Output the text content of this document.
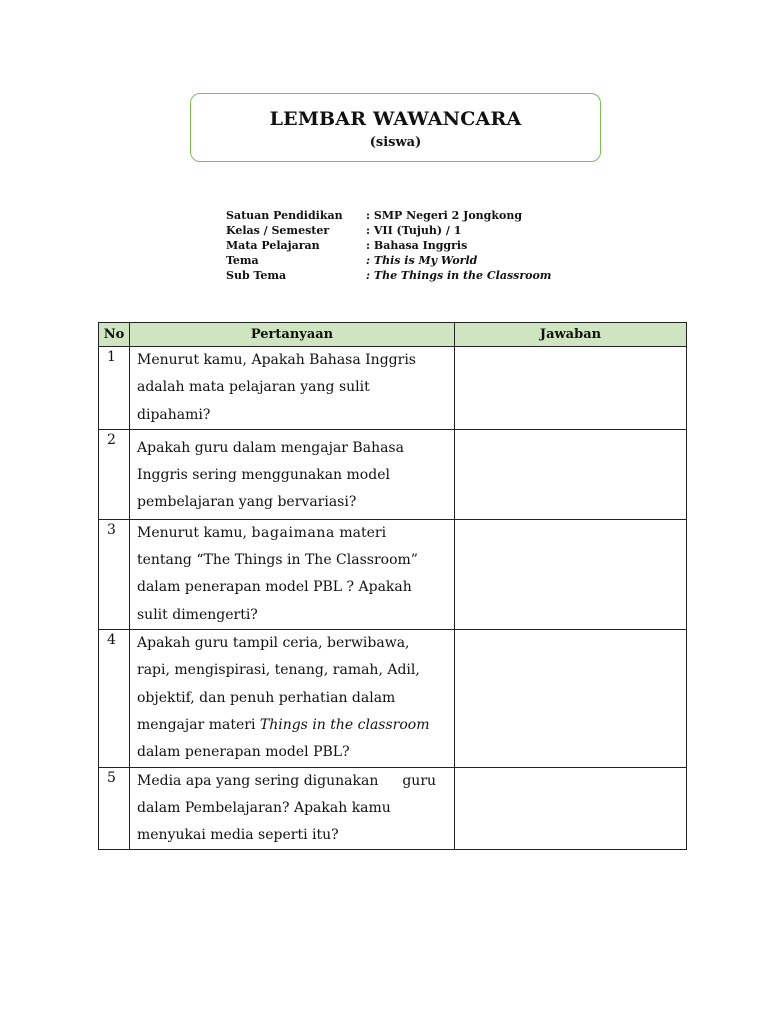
LEMBAR WAWANCARA
(siswa)
Satuan Pendidikan : SMP Negeri 2 Jongkong
Kelas / Semester	: VII (Tujuh) / 1
Mata Pelajaran	: Bahasa Inggris
Tema	: This is My World
Sub Tema	: The Things in the Classroom
No	Pertanyaan	Jawaban
1	Menurut kamu, Apakah Bahasa Inggris
adalah mata pelajaran yang sulit
dipahami?	

2	Apakah guru dalam mengajar Bahasa
Inggris sering menggunakan model
pembelajaran yang bervariasi?	

3	Menurut kamu, bagaimana materi
tentang “The Things in The Classroom”
dalam penerapan model PBL ? Apakah
sulit dimengerti?	

4	Apakah guru tampil ceria, berwibawa,
rapi, mengispirasi, tenang, ramah, Adil,
objektif, dan penuh perhatian dalam
mengajar materi Things in the classroom
dalam penerapan model PBL?	

5	Media apa yang sering digunakan guru
dalam Pembelajaran? Apakah kamu
menyukai media seperti itu?	
